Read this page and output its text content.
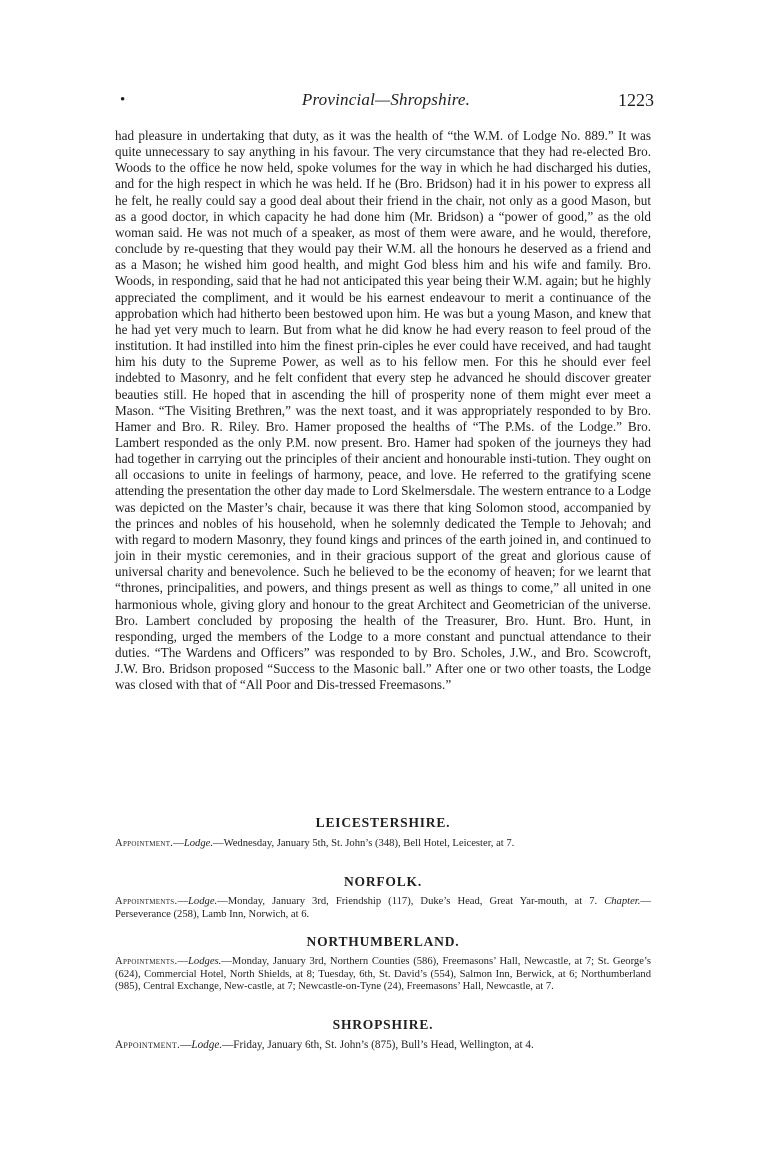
•	Provincial—Shropshire.	1223

had pleasure in undertaking that duty, as it was the health of “the W.M. of Lodge No. 889.” It was quite unnecessary to say anything in his favour. The very circumstance that they had re-elected Bro. Woods to the office he now held, spoke volumes for the way in which he had discharged his duties, and for the high respect in which he was held. If he (Bro. Bridson) had it in his power to express all he felt, he really could say a good deal about their friend in the chair, not only as a good Mason, but as a good doctor, in which capacity he had done him (Mr. Bridson) a “power of good,” as the old woman said. He was not much of a speaker, as most of them were aware, and he would, therefore, conclude by re-questing that they would pay their W.M. all the honours he deserved as a friend and as a Mason; he wished him good health, and might God bless him and his wife and family. Bro. Woods, in responding, said that he had not anticipated this year being their W.M. again; but he highly appreciated the compliment, and it would be his earnest endeavour to merit a continuance of the approbation which had hitherto been bestowed upon him. He was but a young Mason, and knew that he had yet very much to learn. But from what he did know he had every reason to feel proud of the institution. It had instilled into him the finest prin-ciples he ever could have received, and had taught him his duty to the Supreme Power, as well as to his fellow men. For this he should ever feel indebted to Masonry, and he felt confident that every step he advanced he should discover greater beauties still. He hoped that in ascending the hill of prosperity none of them might ever meet a Mason. “The Visiting Brethren,” was the next toast, and it was appropriately responded to by Bro. Hamer and Bro. R. Riley. Bro. Hamer proposed the healths of “The P.Ms. of the Lodge.” Bro. Lambert responded as the only P.M. now present. Bro. Hamer had spoken of the journeys they had had together in carrying out the principles of their ancient and honourable insti-tution. They ought on all occasions to unite in feelings of harmony, peace, and love. He referred to the gratifying scene attending the presentation the other day made to Lord Skelmersdale. The western entrance to a Lodge was depicted on the Master’s chair, because it was there that king Solomon stood, accompanied by the princes and nobles of his household, when he solemnly dedicated the Temple to Jehovah; and with regard to modern Masonry, they found kings and princes of the earth joined in, and continued to join in their mystic ceremonies, and in their gracious support of the great and glorious cause of universal charity and benevolence. Such he believed to be the economy of heaven; for we learnt that “thrones, principalities, and powers, and things present as well as things to come,” all united in one harmonious whole, giving glory and honour to the great Architect and Geometrician of the universe. Bro. Lambert concluded by proposing the health of the Treasurer, Bro. Hunt. Bro. Hunt, in responding, urged the members of the Lodge to a more constant and punctual attendance to their duties. “The Wardens and Officers” was responded to by Bro. Scholes, J.W., and Bro. Scowcroft, J.W. Bro. Bridson proposed “Success to the Masonic ball.” After one or two other toasts, the Lodge was closed with that of “All Poor and Dis-tressed Freemasons.”

LEICESTERSHIRE.

Appointment.—Lodge.—Wednesday, January 5th, St. John’s (348), Bell Hotel, Leicester, at 7.

NORFOLK.

Appointments.—Lodge.—Monday, January 3rd, Friendship (117), Duke’s Head, Great Yar-mouth, at 7. Chapter.—Perseverance (258), Lamb Inn, Norwich, at 6.

NORTHUMBERLAND.

Appointments.—Lodges.—Monday, January 3rd, Northern Counties (586), Freemasons’ Hall, Newcastle, at 7; St. George’s (624), Commercial Hotel, North Shields, at 8; Tuesday, 6th, St. David’s (554), Salmon Inn, Berwick, at 6; Northumberland (985), Central Exchange, New-castle, at 7; Newcastle-on-Tyne (24), Freemasons’ Hall, Newcastle, at 7.

SHROPSHIRE.

Appointment.—Lodge.—Friday, January 6th, St. John’s (875), Bull’s Head, Wellington, at 4.
